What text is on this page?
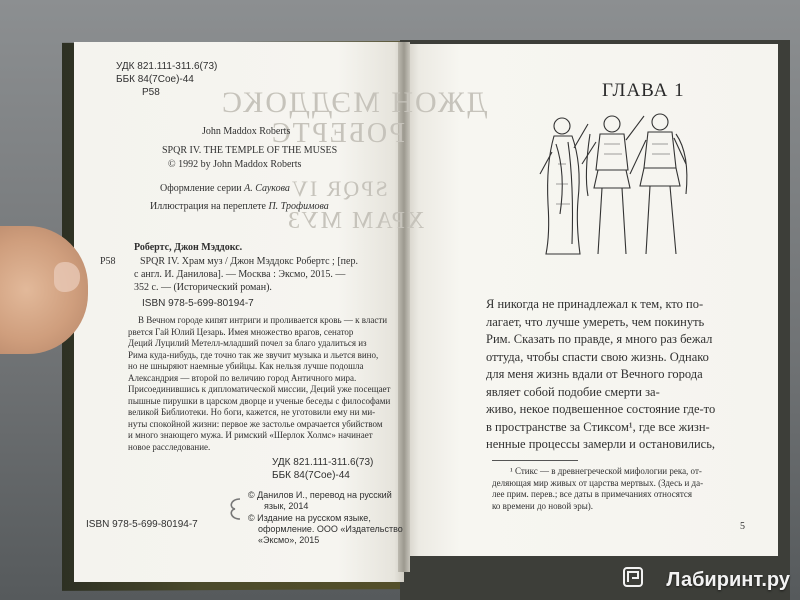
ДЖОН МЭДДОКС
РОБЕРТС
SPQR IV
ХРАМ МУЗ
УДК 821.111-311.6(73)
ББК 84(7Сое)-44
Р58
John Maddox Roberts
SPQR IV. THE TEMPLE OF THE MUSES
© 1992 by John Maddox Roberts
Оформление серии А. Саукова
Иллюстрация на переплете П. Трофимова
Робертс, Джон Мэддокс.
Р58 SPQR IV. Храм муз / Джон Мэддокс Робертс ; [пер.
с англ. И. Данилова]. — Москва : Эксмо, 2015. —
352 с. — (Исторический роман).
ISBN 978-5-699-80194-7
В Вечном городе кипят интриги и проливается кровь — к власти
рвется Гай Юлий Цезарь. Имея множество врагов, сенатор
Деций Луцилий Метелл-младший почел за благо удалиться из
Рима куда-нибудь, где точно так же звучит музыка и льется вино,
но не шныряют наемные убийцы. Как нельзя лучше подошла
Александрия — второй по величию город Античного мира.
Присоединившись к дипломатической миссии, Деций уже посещает
пышные пирушки в царском дворце и ученые беседы с философами
великой Библиотеки. Но боги, кажется, не уготовили ему ни ми-
нуты спокойной жизни: первое же застолье омрачается убийством
и много знающего мужа. И римский «Шерлок Холмс» начинает
новое расследование.
УДК 821.111-311.6(73)
ББК 84(7Сое)-44
© Данилов И., перевод на русский
язык, 2014
© Издание на русском языке,
оформление. ООО «Издательство
«Эксмо», 2015
ISBN 978-5-699-80194-7
ГЛАВА 1
Я никогда не принадлежал к тем, кто по-
лагает, что лучше умереть, чем покинуть
Рим. Сказать по правде, я много раз бежал
оттуда, чтобы спасти свою жизнь. Однако
для меня жизнь вдали от Вечного города
являет собой подобие смерти за-
живо, некое подвешенное состояние где-то
в пространстве за Стиксом¹, где все жизн-
ненные процессы замерли и остановились,
¹ Стикс — в древнегреческой мифологии река, от-
деляющая мир живых от царства мертвых. (Здесь и да-
лее прим. перев.; все даты в примечаниях относятся
ко времени до новой эры).
5
Лабиринт.ру
